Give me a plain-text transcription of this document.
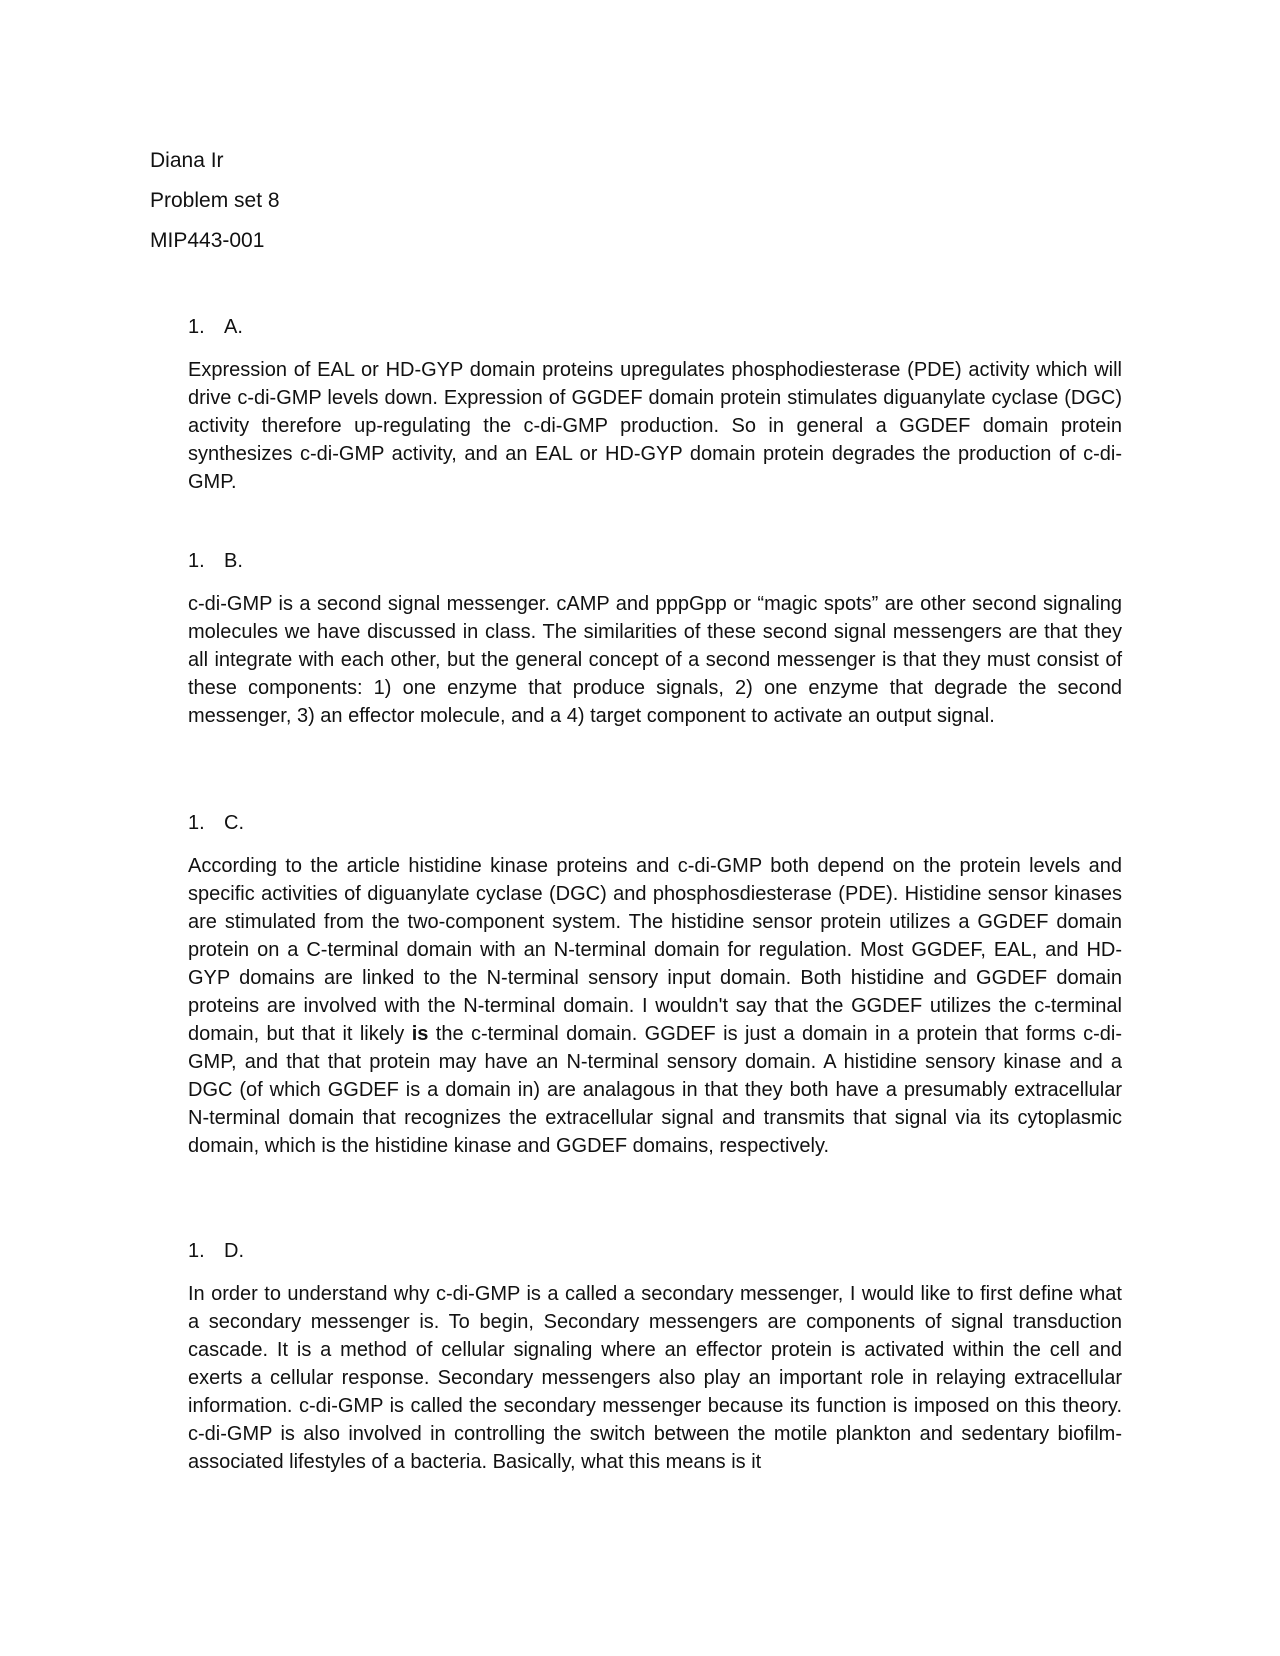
Diana Ir

Problem set 8

MIP443-001

1. A.

Expression of EAL or HD-GYP domain proteins upregulates phosphodiesterase (PDE) activity which will drive c-di-GMP levels down. Expression of GGDEF domain protein stimulates diguanylate cyclase (DGC) activity therefore up-regulating the c-di-GMP production. So in general a GGDEF domain protein synthesizes c-di-GMP activity, and an EAL or HD-GYP domain protein degrades the production of c-di-GMP.

1. B.

c-di-GMP is a second signal messenger. cAMP and pppGpp or “magic spots” are other second signaling molecules we have discussed in class. The similarities of these second signal messengers are that they all integrate with each other, but the general concept of a second messenger is that they must consist of these components: 1) one enzyme that produce signals, 2) one enzyme that degrade the second messenger, 3) an effector molecule, and a 4) target component to activate an output signal.

1. C.

According to the article histidine kinase proteins and c-di-GMP both depend on the protein levels and specific activities of diguanylate cyclase (DGC) and phosphosdiesterase (PDE). Histidine sensor kinases are stimulated from the two-component system. The histidine sensor protein utilizes a GGDEF domain protein on a C-terminal domain with an N-terminal domain for regulation. Most GGDEF, EAL, and HD-GYP domains are linked to the N-terminal sensory input domain. Both histidine and GGDEF domain proteins are involved with the N-terminal domain. I wouldn't say that the GGDEF utilizes the c-terminal domain, but that it likely is the c-terminal domain. GGDEF is just a domain in a protein that forms c-di-GMP, and that that protein may have an N-terminal sensory domain. A histidine sensory kinase and a DGC (of which GGDEF is a domain in) are analagous in that they both have a presumably extracellular N-terminal domain that recognizes the extracellular signal and transmits that signal via its cytoplasmic domain, which is the histidine kinase and GGDEF domains, respectively.

1. D.

In order to understand why c-di-GMP is a called a secondary messenger, I would like to first define what a secondary messenger is. To begin, Secondary messengers are components of signal transduction cascade. It is a method of cellular signaling where an effector protein is activated within the cell and exerts a cellular response. Secondary messengers also play an important role in relaying extracellular information. c-di-GMP is called the secondary messenger because its function is imposed on this theory. c-di-GMP is also involved in controlling the switch between the motile plankton and sedentary biofilm-associated lifestyles of a bacteria. Basically, what this means is it
